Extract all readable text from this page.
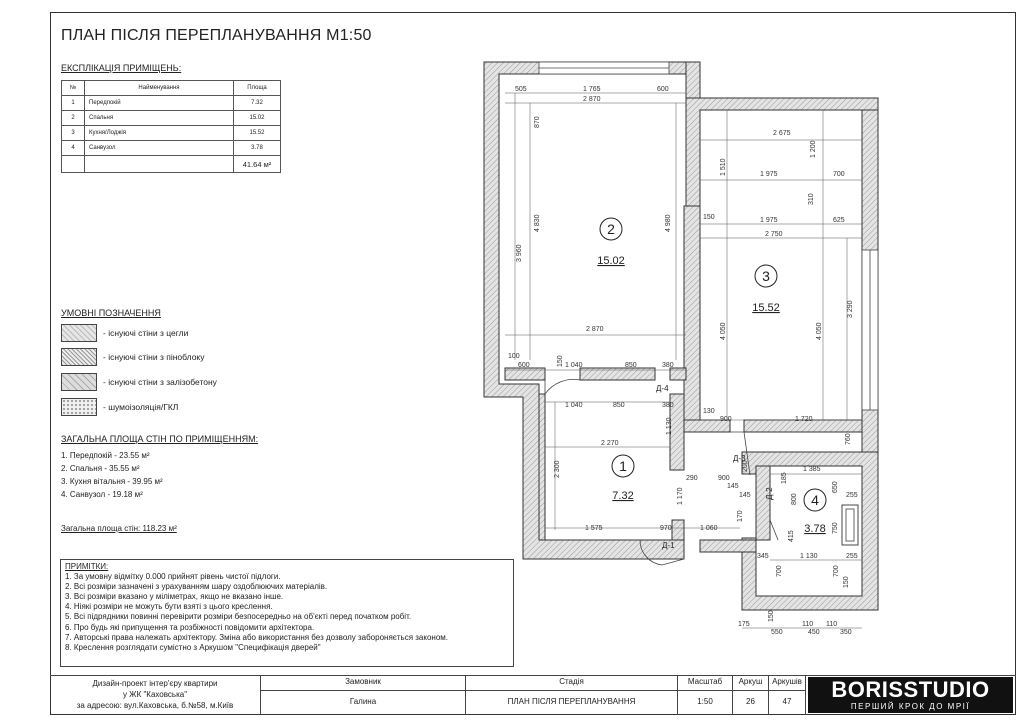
ПЛАН ПІСЛЯ ПЕРЕПЛАНУВАННЯ М1:50
ЕКСПЛІКАЦІЯ ПРИМІЩЕНЬ:
№	Найменування	Площа
1	Передпокій	7.32
2	Спальня	15.02
3	Кухня/Лоджія	15.52
4	Санвузол	3.78
		41.64 м²
УМОВНІ ПОЗНАЧЕННЯ
- існуючі стіни з цегли
- існуючі стіни з піноблоку
- існуючі стіни з залізобетону
- шумоізоляція/ГКЛ
ЗАГАЛЬНА ПЛОЩА СТІН ПО ПРИМІЩЕННЯМ:
1. Передпокій - 23.55 м²
2. Спальня - 35.55 м²
3. Кухня вітальня - 39.95 м²
4. Санвузол - 19.18 м²
Загальна площа стін: 118.23 м²
ПРИМІТКИ:
1. За умовну відмітку 0.000 прийнят рівень чистої підлоги.
2. Всі розміри зазначені з урахуванням шару оздоблюючих матеріалів.
3. Всі розміри вказано у міліметрах, якщо не вказано інше.
4. Ніякі розміри не можуть бути взяті з цього креслення.
5. Всі підрядники повинні перевірити розміри безпосередньо на об'єкті перед початком робіт.
6. Про будь які припущення та розбіжності повідомити архітектора.
7. Авторські права належать архітектору. Зміна або використання без дозволу забороняється законом.
8. Креслення розглядати сумістно з Аркушом "Специфікація дверей"
2
15.02
3
15.52
1
7.32	4
3.78
Д-4
Д-3
Д-2
Д-1
505	1 765	600
2 870
870
3 960
4 830	4 980
2 870
100
600	150 1 040	850	380
1 040	850	380
2 270
2 300
1 130
1 170
1 575	970	1 060
2 675
1 510
1 200
1 975	700
310
150	1 975	625
2 750
4 050	4 050
3 290
130
900	1 720
760
290	900
145
145
200
185
800
170
415
1 385
650
255
750
345	1 130	255
700	700
150
150
175
550
110
450
110
350
Дизайн-проект інтер'єру квартири
у ЖК "Каховська"
за адресою: вул.Каховська, б.№58, м.Київ
Замовник
Галина
Стадія
ПЛАН ПІСЛЯ ПЕРЕПЛАНУВАННЯ
Масштаб
1:50
Аркуш
26
Аркушів
47	BORISSTUDIO
ПЕРШИЙ КРОК ДО МРІЇ
